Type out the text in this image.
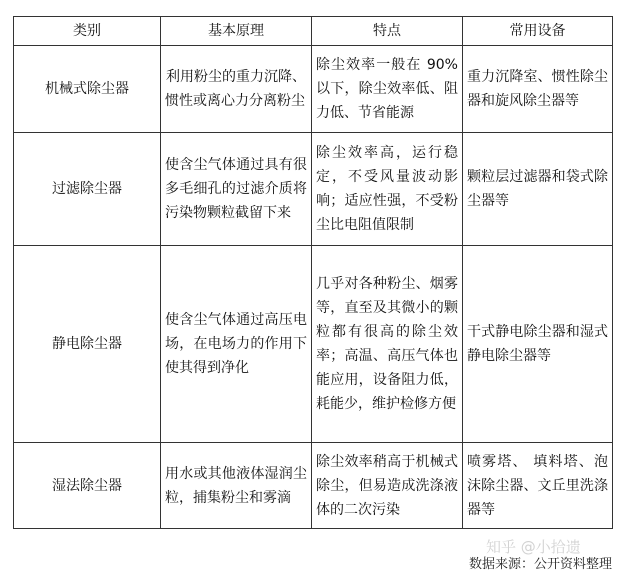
类别	基本原理	特点	常用设备
机械式除尘器	利用粉尘的重力沉降、惯性或离心力分离粉尘	除尘效率一般在 90%以下，除尘效率低、阻力低、节省能源	重力沉降室、惯性除尘器和旋风除尘器等
过滤除尘器	使含尘气体通过具有很多毛细孔的过滤介质将污染物颗粒截留下来	除尘效率高，运行稳定，不受风量波动影响；适应性强，不受粉尘比电阻值限制	颗粒层过滤器和袋式除尘器等
静电除尘器	使含尘气体通过高压电场，在电场力的作用下使其得到净化	几乎对各种粉尘、烟雾等，直至及其微小的颗粒都有很高的除尘效率；高温、高压气体也能应用，设备阻力低，耗能少，维护检修方便	干式静电除尘器和湿式静电除尘器等
湿法除尘器	用水或其他液体湿润尘粒，捕集粉尘和雾滴	除尘效率稍高于机械式除尘，但易造成洗涤液体的二次污染	喷雾塔、 填料塔、泡沫除尘器、文丘里洗涤器等
知乎 @小拾遗
数据来源：公开资料整理
